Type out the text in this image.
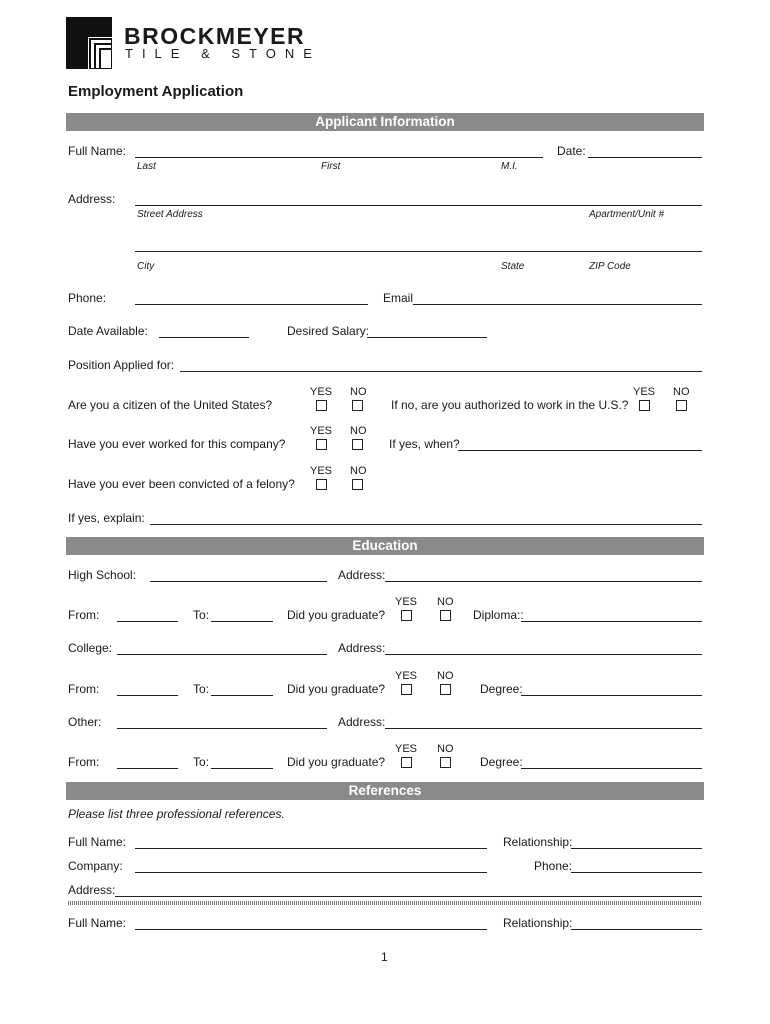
BROCKMEYER
TILE & STONE
Employment Application
Applicant Information
Full Name:	Date:
Last	First	M.I.
Address:
Street Address	Apartment/Unit #
City	State	ZIP Code
Phone:	Email
Date Available:	Desired Salary:
Position Applied for:
YES NO
Are you a citizen of the United States?
YES NO
If no, are you authorized to work in the U.S.?
YES NO
Have you ever worked for this company?	If yes, when?
YES NO
Have you ever been convicted of a felony?
If yes, explain:
Education
High School:	Address:
YES NO
From:	To:	Did you graduate?	Diploma::
College:	Address:
YES NO
From:	To:	Did you graduate?	Degree:
Other:	Address:
YES NO
From:	To:	Did you graduate?	Degree:
References
Please list three professional references.
Full Name:	Relationship:
Company:	Phone:
Address:
Full Name:	Relationship:
1
